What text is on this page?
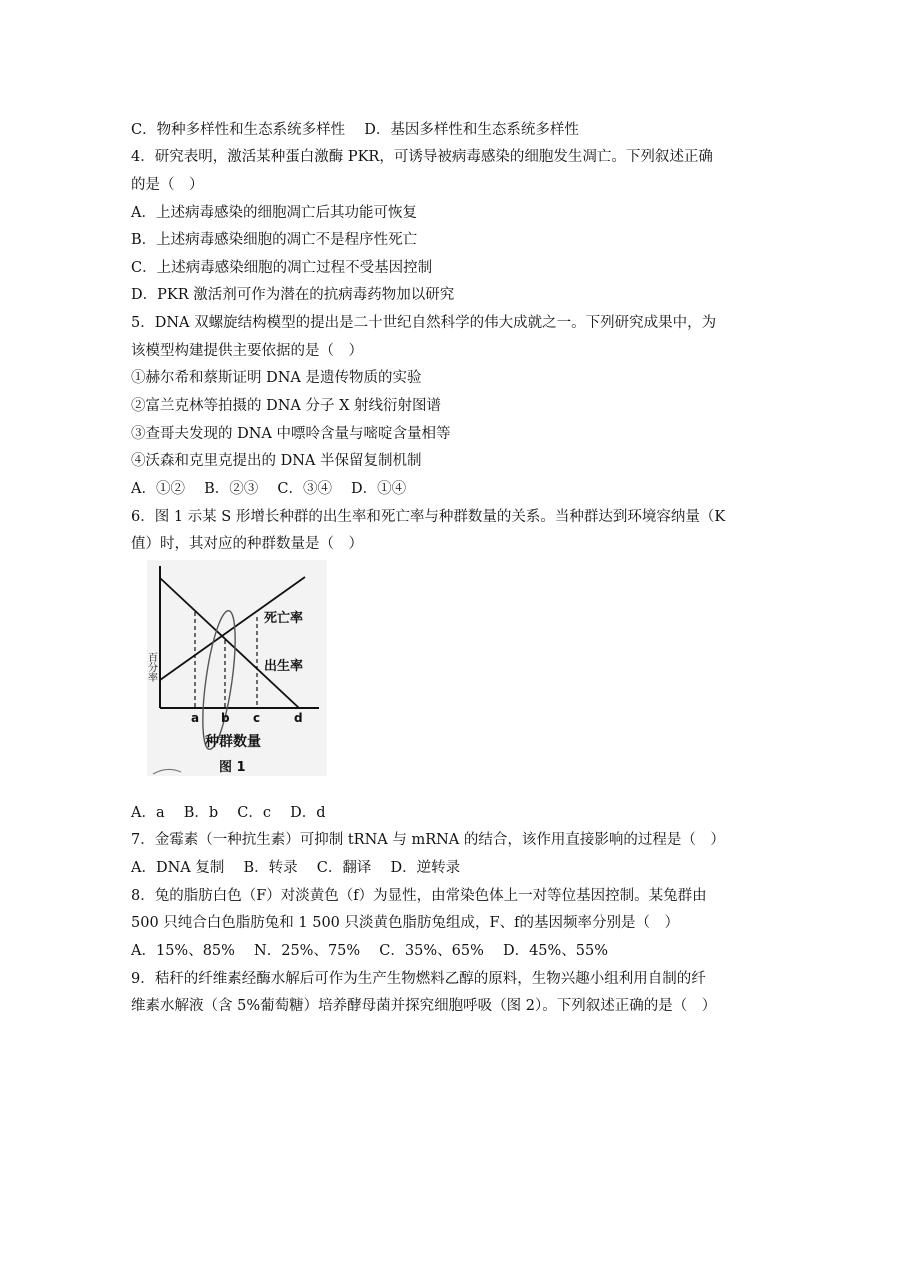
C．物种多样性和生态系统多样性　 D．基因多样性和生态系统多样性
4．研究表明，激活某种蛋白激酶 PKR，可诱导被病毒感染的细胞发生凋亡。下列叙述正确
的是（　）
A．上述病毒感染的细胞凋亡后其功能可恢复
B．上述病毒感染细胞的凋亡不是程序性死亡
C．上述病毒感染细胞的凋亡过程不受基因控制
D．PKR 激活剂可作为潜在的抗病毒药物加以研究
5．DNA 双螺旋结构模型的提出是二十世纪自然科学的伟大成就之一。下列研究成果中，为
该模型构建提供主要依据的是（　）
①赫尔希和蔡斯证明 DNA 是遗传物质的实验
②富兰克林等拍摄的 DNA 分子 X 射线衍射图谱
③查哥夫发现的 DNA 中嘌呤含量与嘧啶含量相等
④沃森和克里克提出的 DNA 半保留复制机制
A．①②　 B．②③　 C．③④　 D．①④
6．图 1 示某 S 形增长种群的出生率和死亡率与种群数量的关系。当种群达到环境容纳量（K
值）时，其对应的种群数量是（　）
百分率
死亡率
出生率
a b c	d
种群数量
图 1
A．a　 B．b　 C．c　 D．d
7．金霉素（一种抗生素）可抑制 tRNA 与 mRNA 的结合，该作用直接影响的过程是（　）
A．DNA 复制　 B．转录　 C．翻译　 D．逆转录
8．兔的脂肪白色（F）对淡黄色（f）为显性，由常染色体上一对等位基因控制。某兔群由
500 只纯合白色脂肪兔和 1 500 只淡黄色脂肪兔组成，F、f的基因频率分别是（　）
A．15%、85%　 N．25%、75%　 C．35%、65%　 D．45%、55%
9．秸秆的纤维素经酶水解后可作为生产生物燃料乙醇的原料，生物兴趣小组利用自制的纤
维素水解液（含 5%葡萄糖）培养酵母菌并探究细胞呼吸（图 2）。下列叙述正确的是（　）
